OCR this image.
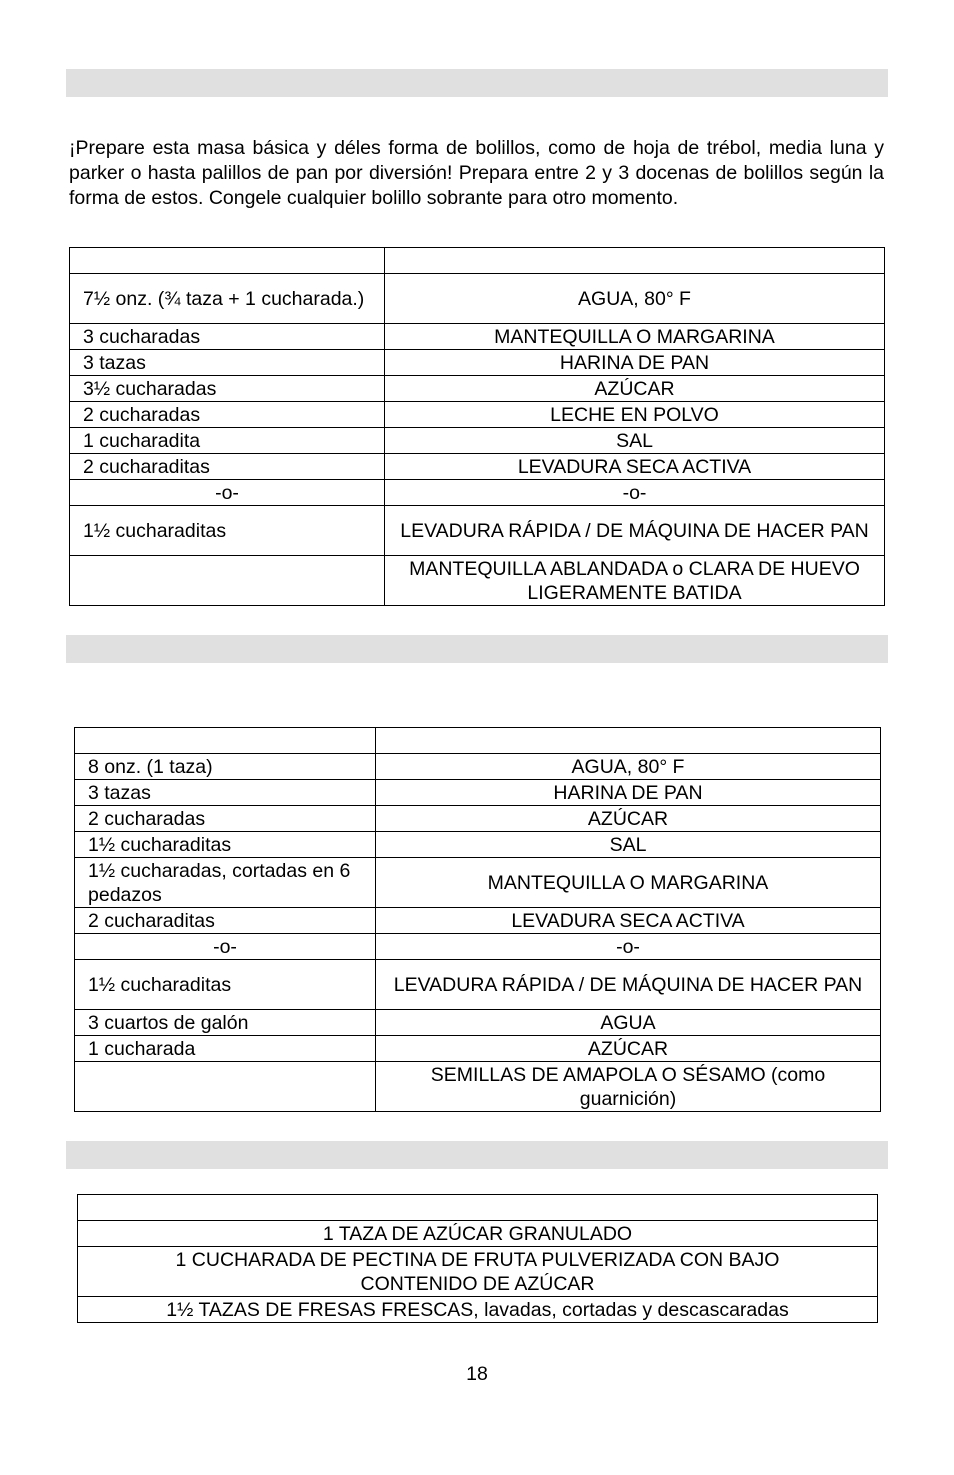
¡Prepare esta masa básica y déles forma de bolillos, como de hoja de trébol, media luna y parker o hasta palillos de pan por diversión! Prepara entre 2 y 3 docenas de bolillos según la forma de estos. Congele cualquier bolillo sobrante para otro momento.

7½ onz. (¾ taza + 1 cucharada.)	AGUA, 80° F
3 cucharadas	MANTEQUILLA O MARGARINA
3 tazas	HARINA DE PAN
3½ cucharadas	AZÚCAR
2 cucharadas	LECHE EN POLVO
1 cucharadita	SAL
2 cucharaditas	LEVADURA SECA ACTIVA
-o-	-o-
1½ cucharaditas	LEVADURA RÁPIDA / DE MÁQUINA DE HACER PAN
	MANTEQUILLA ABLANDADA o CLARA DE HUEVO LIGERAMENTE BATIDA

8 onz. (1 taza)	AGUA, 80° F
3 tazas	HARINA DE PAN
2 cucharadas	AZÚCAR
1½ cucharaditas	SAL
1½ cucharadas, cortadas en 6 pedazos	MANTEQUILLA O MARGARINA
2 cucharaditas	LEVADURA SECA ACTIVA
-o-	-o-
1½ cucharaditas	LEVADURA RÁPIDA / DE MÁQUINA DE HACER PAN
3 cuartos de galón	AGUA
1 cucharada	AZÚCAR
	SEMILLAS DE AMAPOLA O SÉSAMO (como guarnición)

1 TAZA DE AZÚCAR GRANULADO
1 CUCHARADA DE PECTINA DE FRUTA PULVERIZADA CON BAJO CONTENIDO DE AZÚCAR
1½ TAZAS DE FRESAS FRESCAS, lavadas, cortadas y descascaradas
18
